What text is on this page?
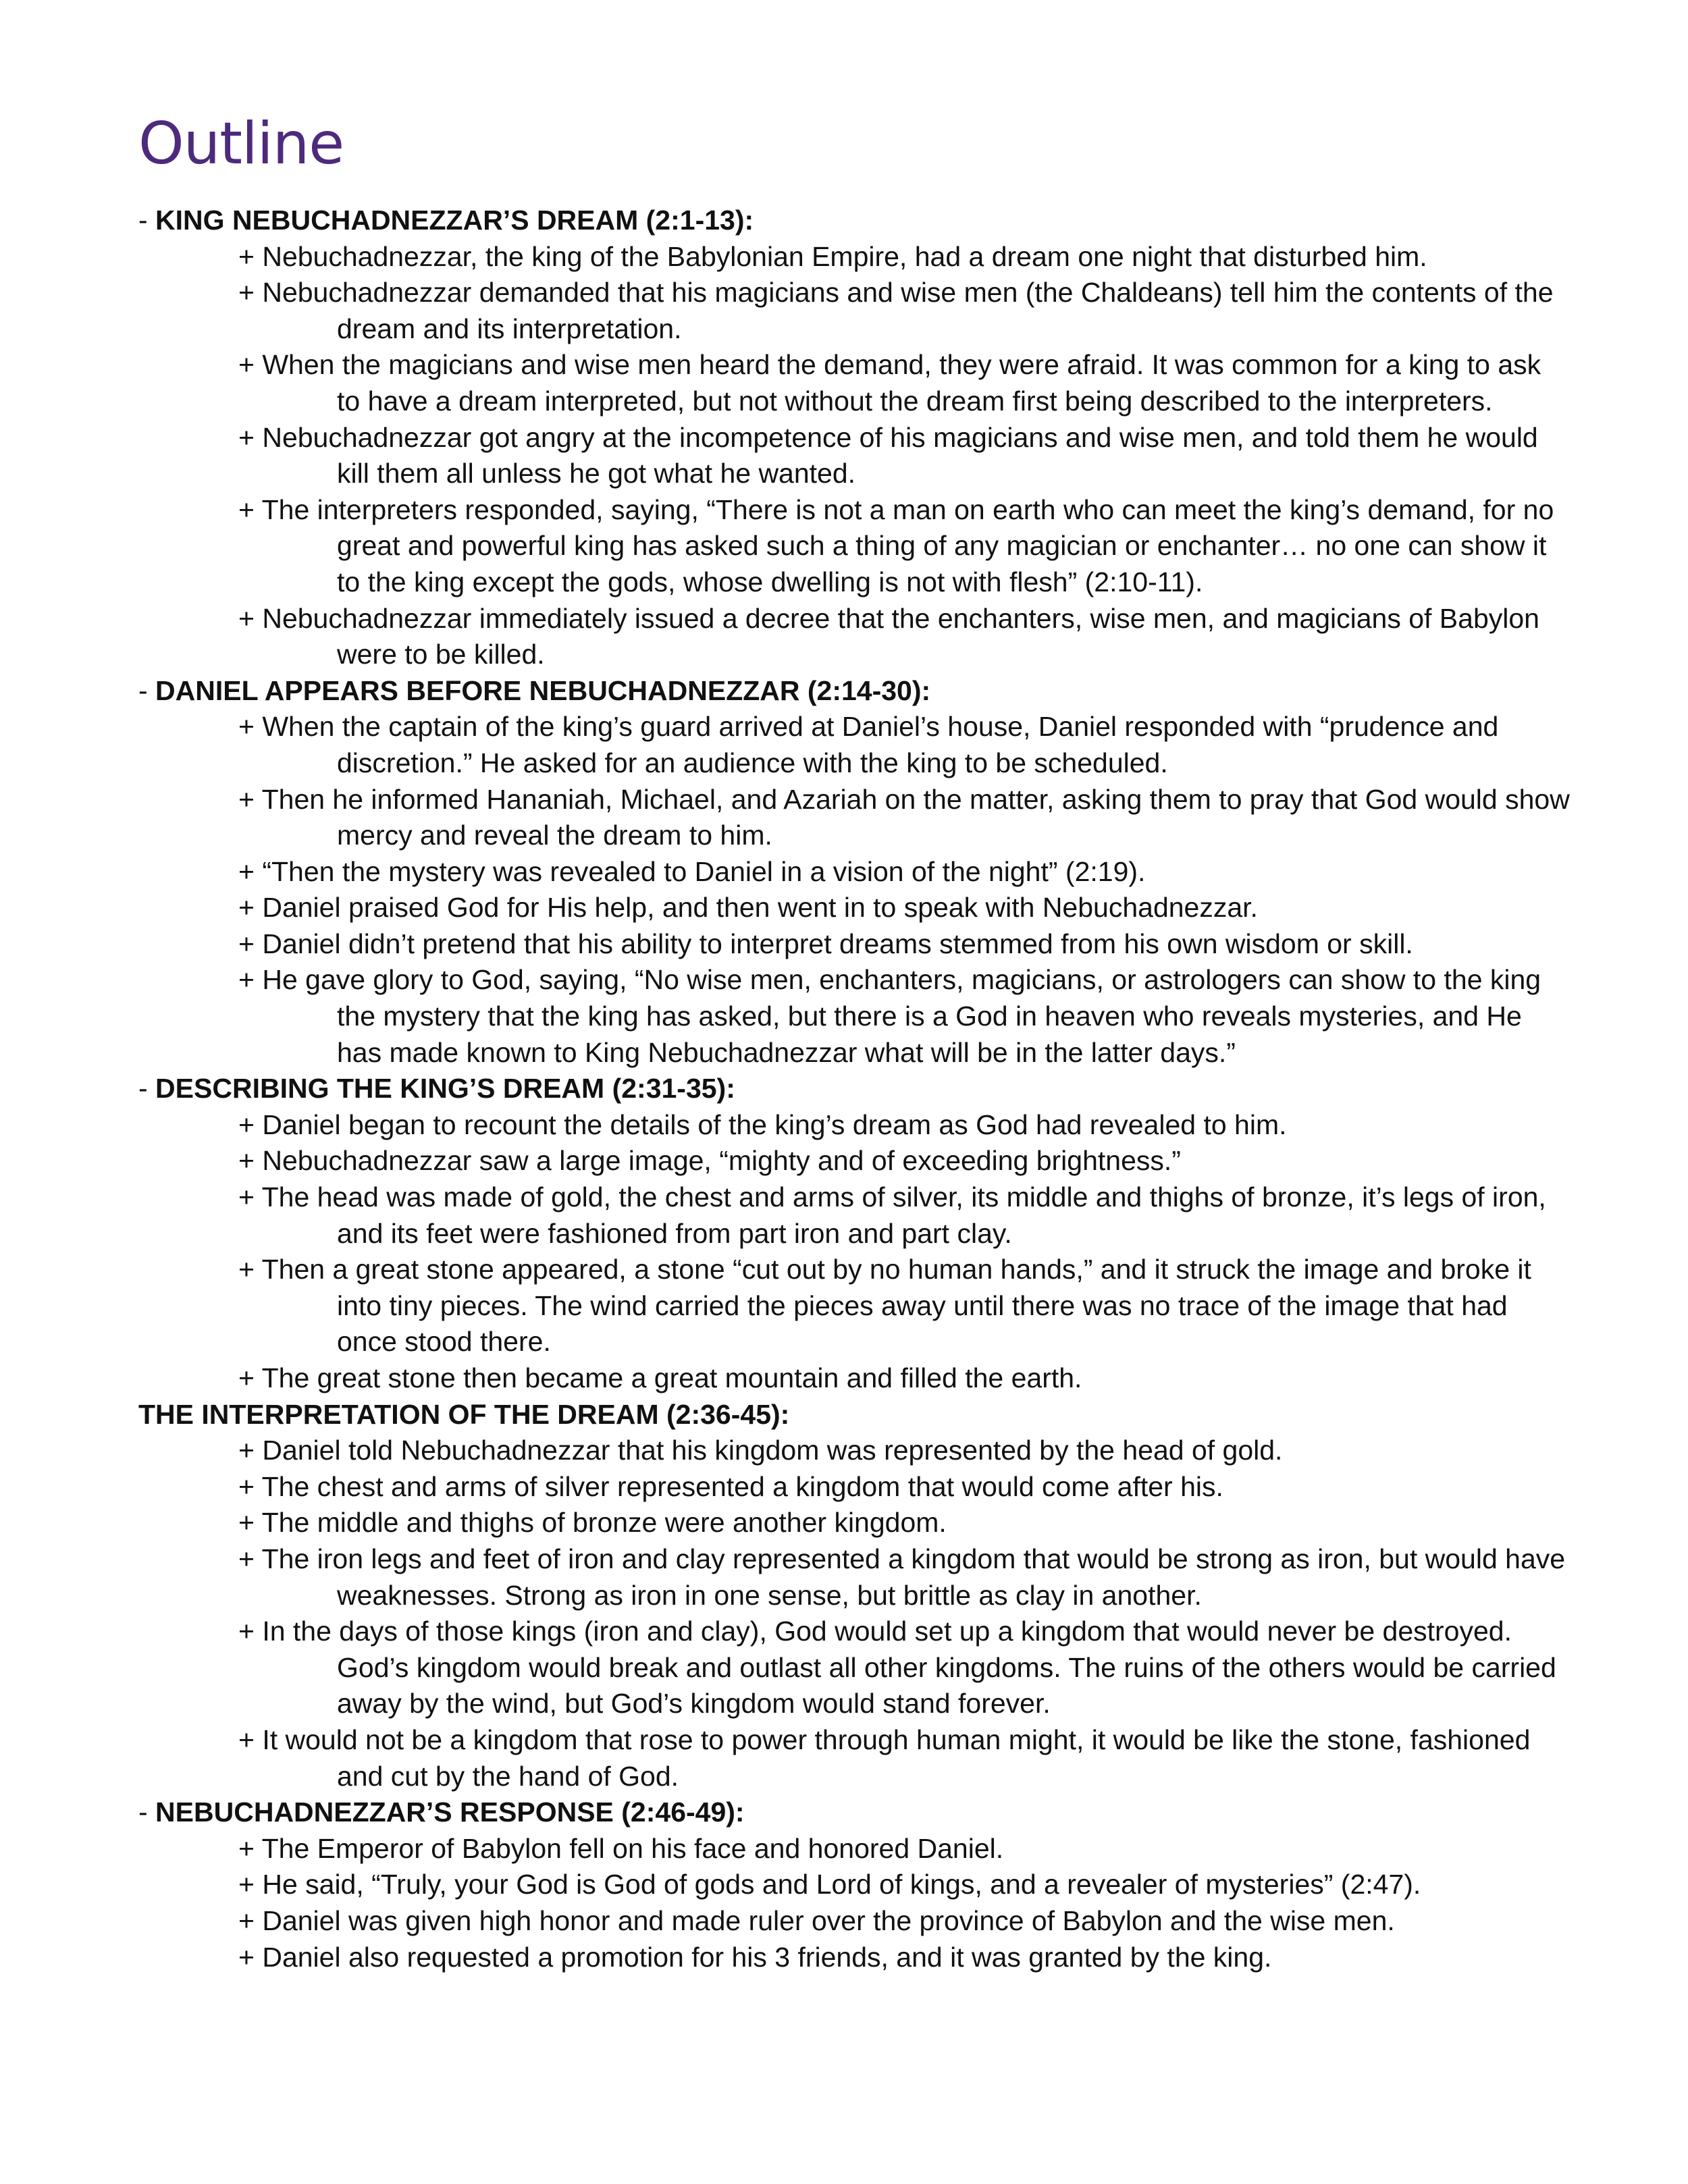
Outline

- KING NEBUCHADNEZZAR’S DREAM (2:1-13):

+ Nebuchadnezzar, the king of the Babylonian Empire, had a dream one night that disturbed him.
+ Nebuchadnezzar demanded that his magicians and wise men (the Chaldeans) tell him the contents of the dream and its interpretation.
+ When the magicians and wise men heard the demand, they were afraid. It was common for a king to ask to have a dream interpreted, but not without the dream first being described to the interpreters.
+ Nebuchadnezzar got angry at the incompetence of his magicians and wise men, and told them he would kill them all unless he got what he wanted.
+ The interpreters responded, saying, “There is not a man on earth who can meet the king’s demand, for no great and powerful king has asked such a thing of any magician or enchanter… no one can show it to the king except the gods, whose dwelling is not with flesh” (2:10-11).
+ Nebuchadnezzar immediately issued a decree that the enchanters, wise men, and magicians of Babylon were to be killed.

- DANIEL APPEARS BEFORE NEBUCHADNEZZAR (2:14-30):

+ When the captain of the king’s guard arrived at Daniel’s house, Daniel responded with “prudence and discretion.” He asked for an audience with the king to be scheduled.
+ Then he informed Hananiah, Michael, and Azariah on the matter, asking them to pray that God would show mercy and reveal the dream to him.
+ “Then the mystery was revealed to Daniel in a vision of the night” (2:19).
+ Daniel praised God for His help, and then went in to speak with Nebuchadnezzar.
+ Daniel didn’t pretend that his ability to interpret dreams stemmed from his own wisdom or skill.
+ He gave glory to God, saying, “No wise men, enchanters, magicians, or astrologers can show to the king the mystery that the king has asked, but there is a God in heaven who reveals mysteries, and He has made known to King Nebuchadnezzar what will be in the latter days.”

- DESCRIBING THE KING’S DREAM (2:31-35):

+ Daniel began to recount the details of the king’s dream as God had revealed to him.
+ Nebuchadnezzar saw a large image, “mighty and of exceeding brightness.”
+ The head was made of gold, the chest and arms of silver, its middle and thighs of bronze, it’s legs of iron, and its feet were fashioned from part iron and part clay.
+ Then a great stone appeared, a stone “cut out by no human hands,” and it struck the image and broke it into tiny pieces. The wind carried the pieces away until there was no trace of the image that had once stood there.
+ The great stone then became a great mountain and filled the earth.

THE INTERPRETATION OF THE DREAM (2:36-45):

+ Daniel told Nebuchadnezzar that his kingdom was represented by the head of gold.
+ The chest and arms of silver represented a kingdom that would come after his.
+ The middle and thighs of bronze were another kingdom.
+ The iron legs and feet of iron and clay represented a kingdom that would be strong as iron, but would have weaknesses. Strong as iron in one sense, but brittle as clay in another.
+ In the days of those kings (iron and clay), God would set up a kingdom that would never be destroyed. God’s kingdom would break and outlast all other kingdoms. The ruins of the others would be carried away by the wind, but God’s kingdom would stand forever.
+ It would not be a kingdom that rose to power through human might, it would be like the stone, fashioned and cut by the hand of God.

- NEBUCHADNEZZAR’S RESPONSE (2:46-49):

+ The Emperor of Babylon fell on his face and honored Daniel.
+ He said, “Truly, your God is God of gods and Lord of kings, and a revealer of mysteries” (2:47).
+ Daniel was given high honor and made ruler over the province of Babylon and the wise men.
+ Daniel also requested a promotion for his 3 friends, and it was granted by the king.
